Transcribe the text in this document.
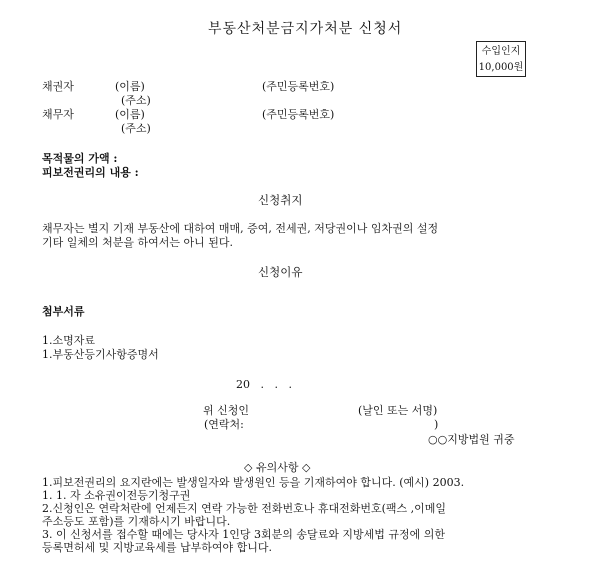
부동산처분금지가처분 신청서
수입인지
10,000원
채권자	(이름)	(주민등록번호)
(주소)
채무자	(이름)	(주민등록번호)
(주소)
목적물의 가액 :
피보전권리의 내용 :
신청취지
채무자는 별지 기재 부동산에 대하여 매매, 증여, 전세권, 저당권이나 임차권의 설정
기타 일체의 처분을 하여서는 아니 된다.
신청이유
첨부서류
1.소명자료
1.부동산등기사항증명서
20   .   .   .
위 신청인	(날인 또는 서명)
(연락처:	)
○○지방법원 귀중
◇ 유의사항 ◇
1.피보전권리의 요지란에는 발생일자와 발생원인 등을 기재하여야 합니다. (예시) 2003.
1. 1. 자 소유권이전등기청구권
2.신청인은 연락처란에 언제든지 연락 가능한 전화번호나 휴대전화번호(팩스 ,이메일
주소등도 포함)를 기재하시기 바랍니다.
3. 이 신청서를 접수할 때에는 당사자 1인당 3회분의 송달료와 지방세법 규정에 의한
등록면허세 및 지방교육세를 납부하여야 합니다.
